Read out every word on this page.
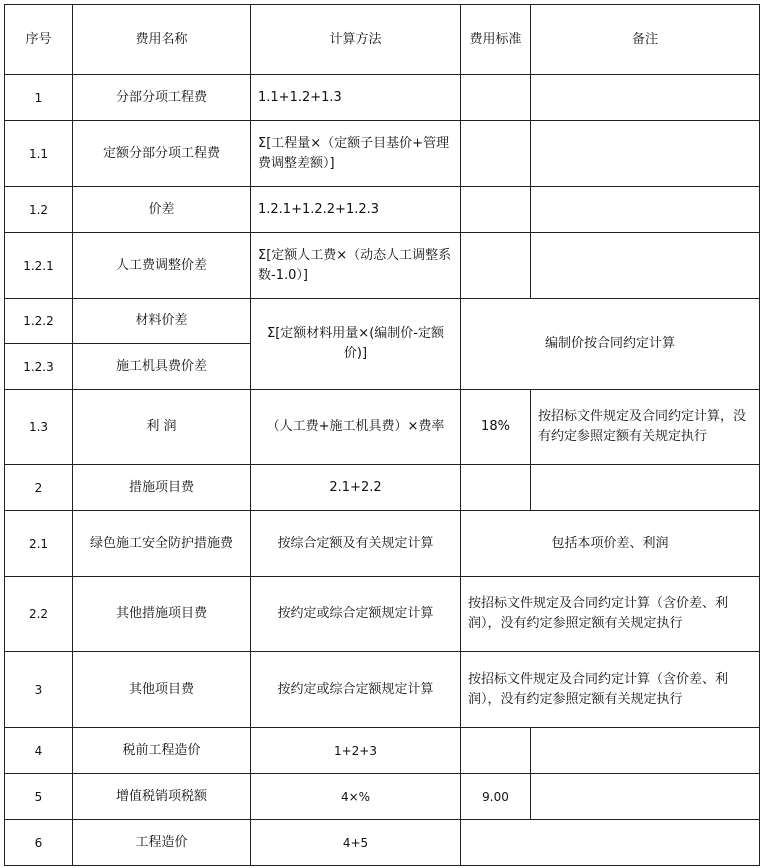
序号	费用名称	计算方法	费用标准	备注
1	分部分项工程费	1.1+1.2+1.3		
1.1	定额分部分项工程费	Σ[工程量×（定额子目基价+管理费调整差额）]		
1.2	价差	1.2.1+1.2.2+1.2.3		
1.2.1	人工费调整价差	Σ[定额人工费×（动态人工调整系数-1.0）]		
1.2.2	材料价差	Σ[定额材料用量×(编制价-定额价)]	编制价按合同约定计算	
1.2.3	施工机具费价差			
1.3	利 润	（人工费+施工机具费）×费率	18%	按招标文件规定及合同约定计算，没有约定参照定额有关规定执行
2	措施项目费	2.1+2.2		
2.1	绿色施工安全防护措施费	按综合定额及有关规定计算	包括本项价差、利润	
2.2	其他措施项目费	按约定或综合定额规定计算	按招标文件规定及合同约定计算（含价差、利润），没有约定参照定额有关规定执行	
3	其他项目费	按约定或综合定额规定计算	按招标文件规定及合同约定计算（含价差、利润），没有约定参照定额有关规定执行	
4	税前工程造价	1+2+3		
5	增值税销项税额	4×%	9.00	
6	工程造价	4+5		
